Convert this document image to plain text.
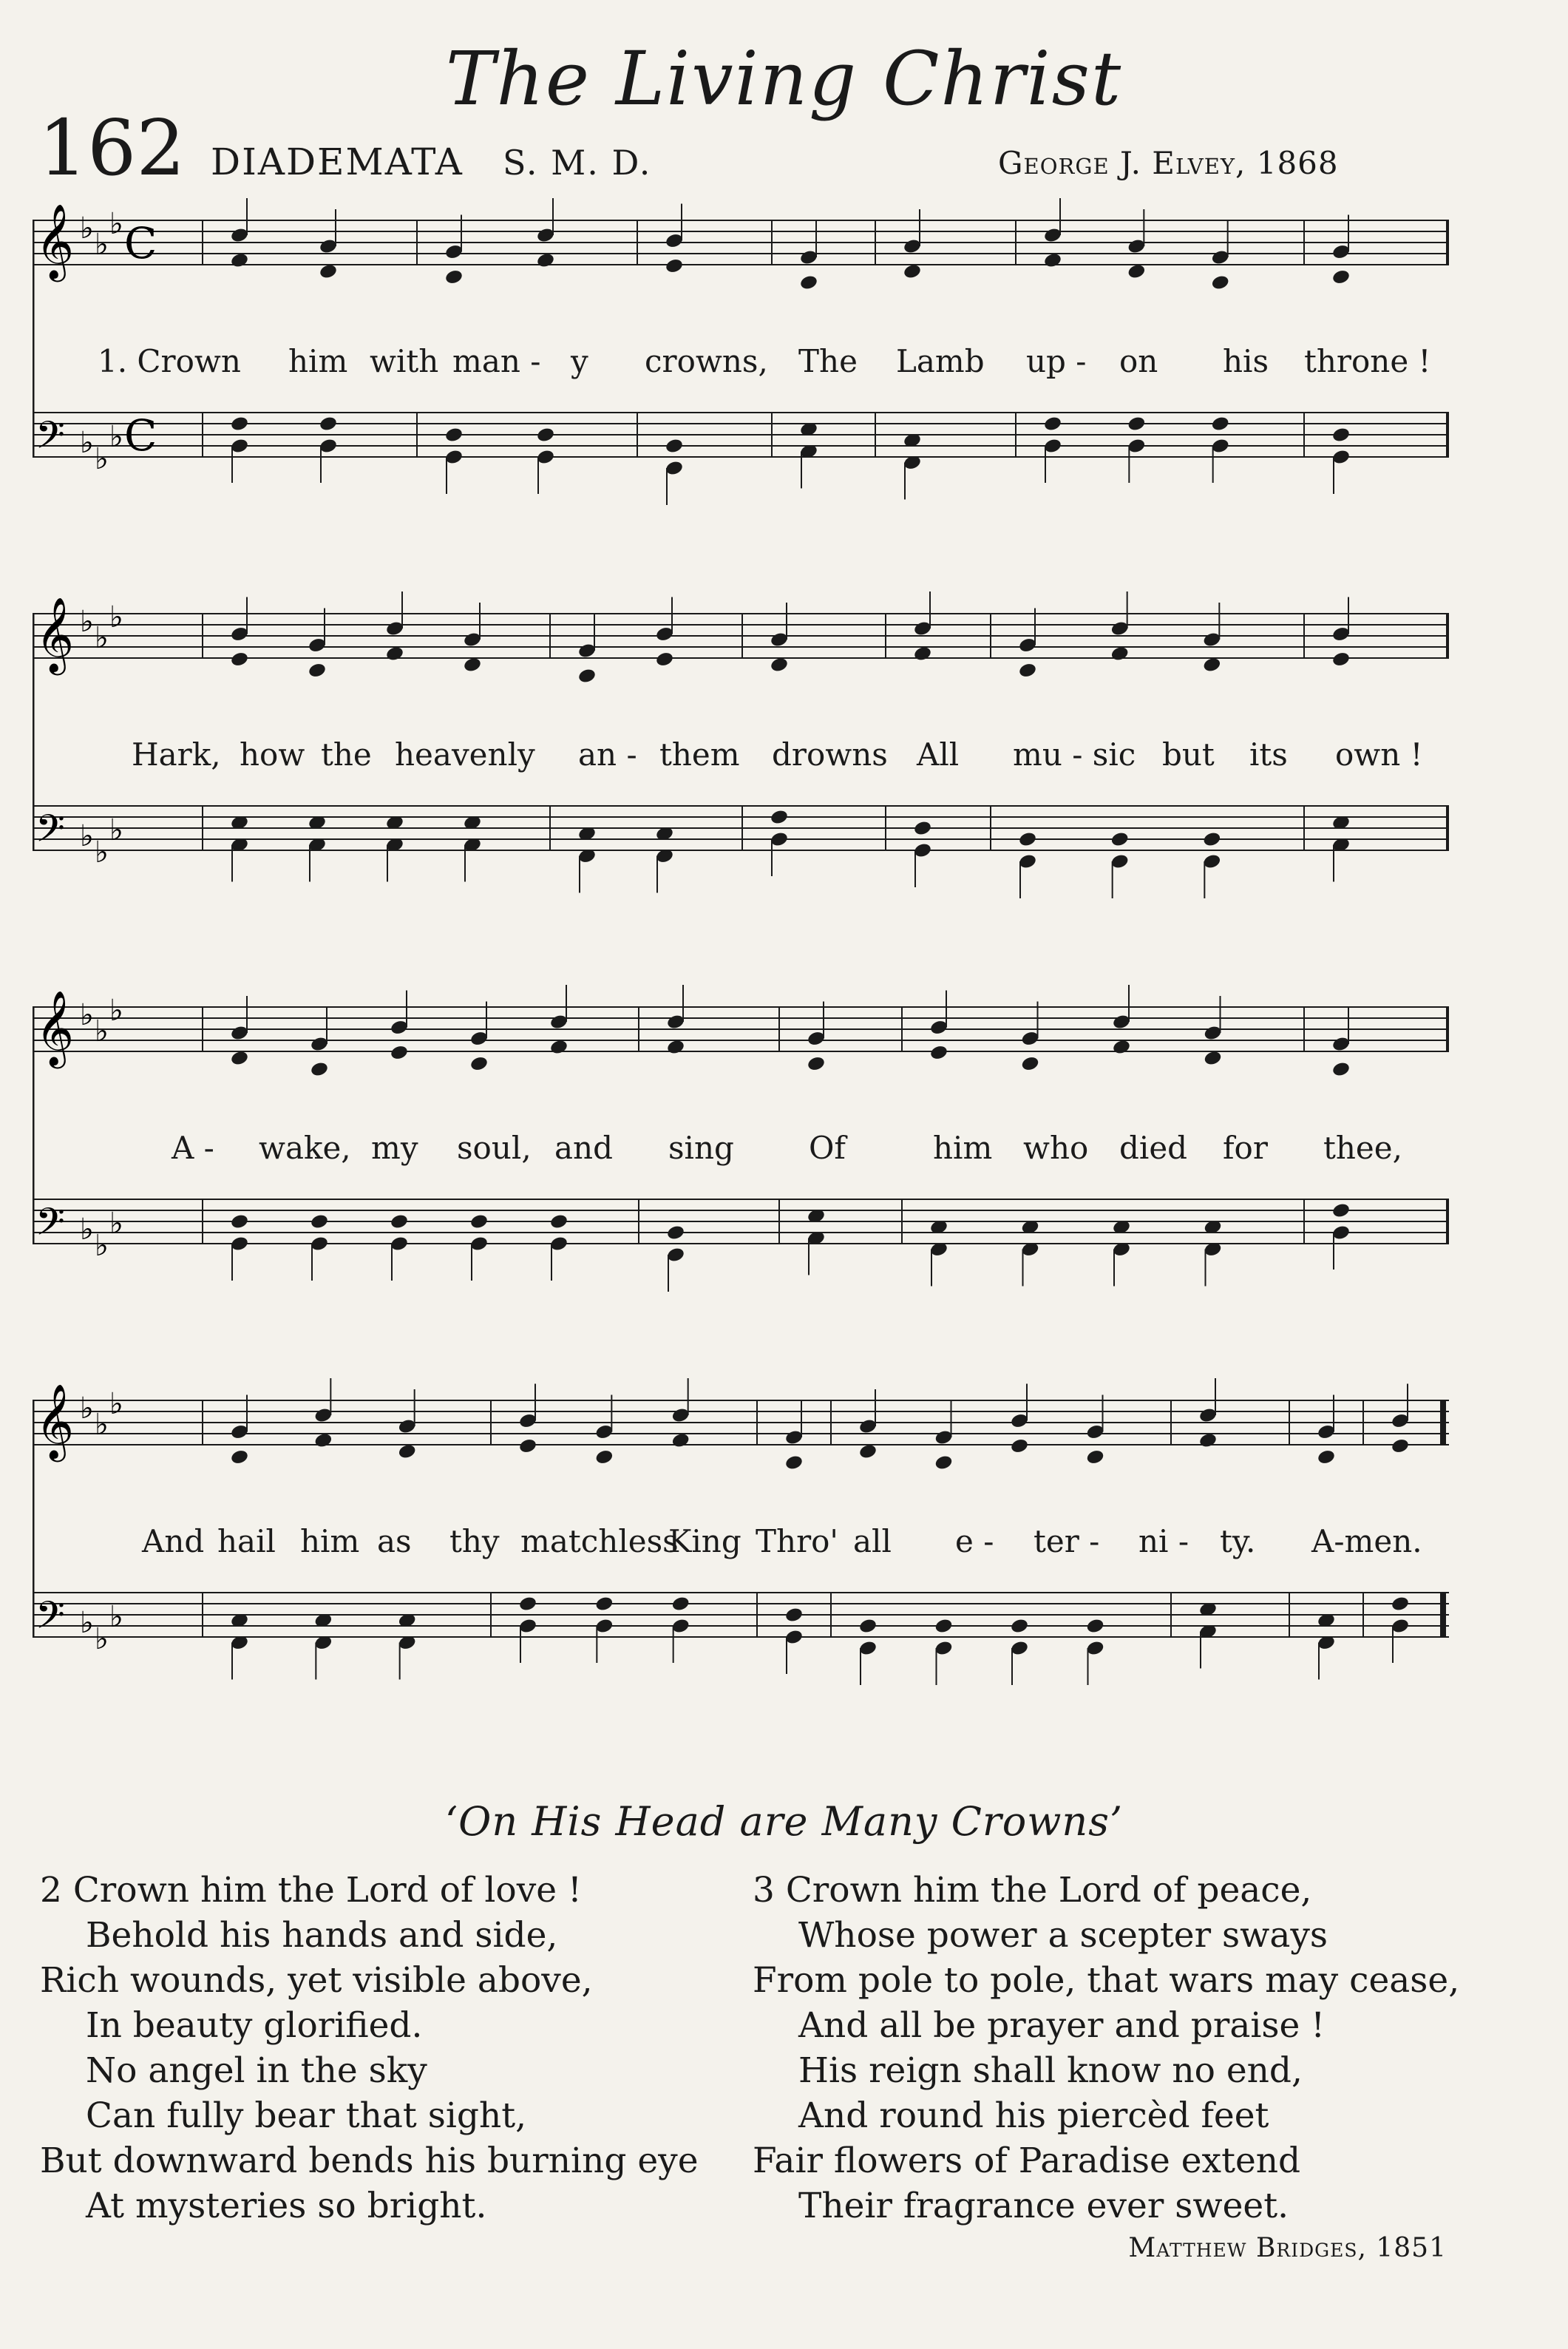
The Living Christ
162 DIADEMATA S. M. D.	George J. Elvey, 1868
𝄞 ♭ ♭
♭ C
𝄢 ♭ ♭
♭ C
1. Crown him with man - y crowns, The Lamb up - on his throne !
𝄞 ♭ ♭
♭
𝄢 ♭ ♭
♭
Hark, how the heavenly an - them drowns All mu - sic but its own !
𝄞 ♭ ♭
♭
𝄢 ♭ ♭
♭
A - wake, my soul, and sing Of	him who died for thee,
𝄞 ♭ ♭
♭
𝄢 ♭ ♭
♭
And hail him as thy matchless
King Thro' all e - ter - ni - ty. A-men.
‘On His Head are Many Crowns’
2 Crown him the Lord of love !
Behold his hands and side,
Rich wounds, yet visible above,
In beauty glorified.
No angel in the sky
Can fully bear that sight,
But downward bends his burning eye
At mysteries so bright.
3 Crown him the Lord of peace,
Whose power a scepter sways
From pole to pole, that wars may cease,
And all be prayer and praise !
His reign shall know no end,
And round his piercèd feet
Fair flowers of Paradise extend
Their fragrance ever sweet.
Matthew Bridges, 1851
